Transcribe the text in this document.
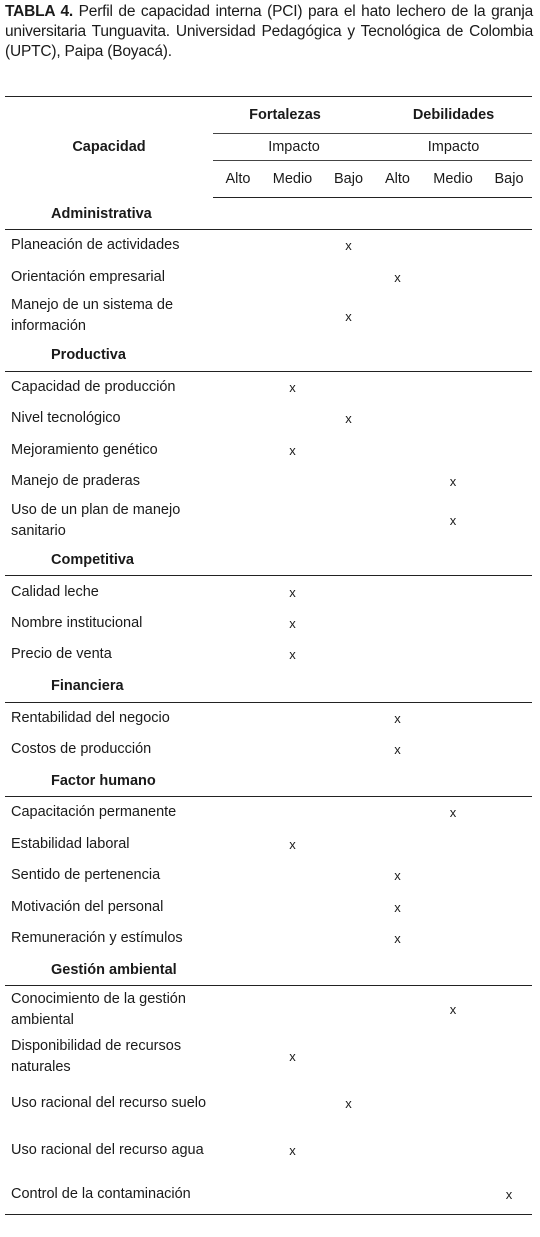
TABLA 4. Perfil de capacidad interna (PCI) para el hato lechero de la granja universitaria Tunguavita. Universidad Pedagógica y Tecnológica de Colombia (UPTC), Paipa (Boyacá).
Capacidad	Fortalezas			Debilidades		
	Impacto			Impacto		
	Alto	Medio	Bajo	Alto	Medio	Bajo
Administrativa						
Planeación de actividades			x			
Orientación empresarial				x		
Manejo de un sistema de información			x			
Productiva						
Capacidad de producción		x				
Nivel tecnológico			x			
Mejoramiento genético		x				
Manejo de praderas					x	
Uso de un plan de manejo sanitario					x	
Competitiva						
Calidad leche		x				
Nombre institucional		x				
Precio de venta		x				
Financiera						
Rentabilidad del negocio				x		
Costos de producción				x		
Factor humano						
Capacitación permanente					x	
Estabilidad laboral		x				
Sentido de pertenencia				x		
Motivación del personal				x		
Remuneración y estímulos				x		
Gestión ambiental						
Conocimiento de la gestión ambiental					x	
Disponibilidad de recursos naturales		x				
Uso racional del recurso suelo			x			
Uso racional del recurso agua		x				
Control de la contaminación						x
